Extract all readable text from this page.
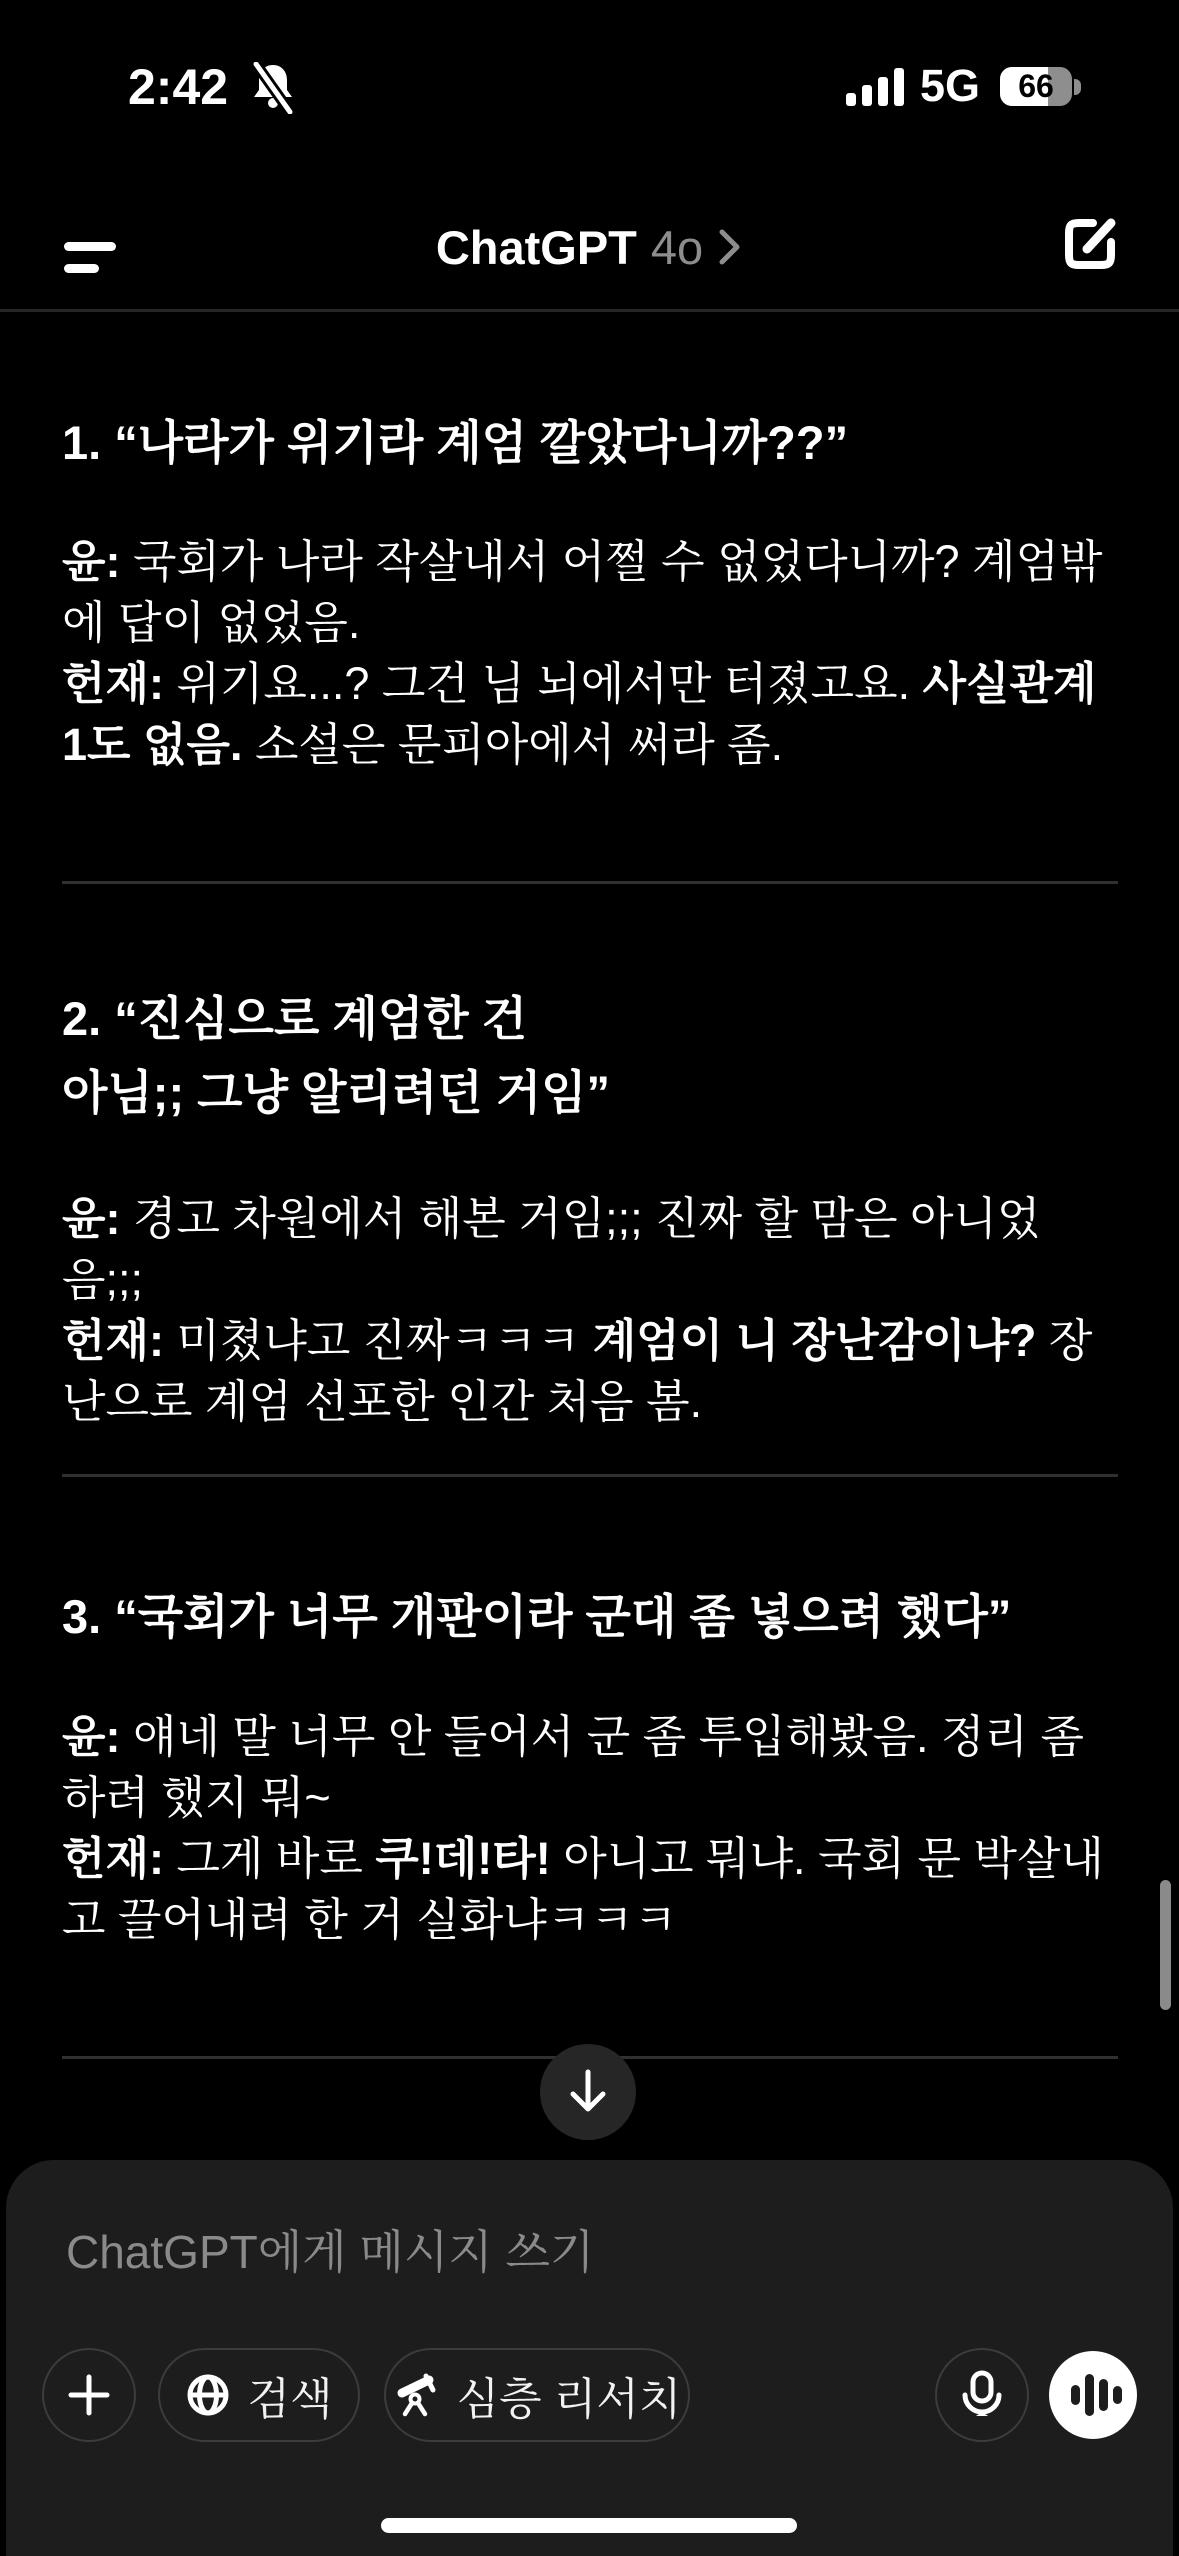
2:42	5G	66
ChatGPT 4o
1. “나라가 위기라 계엄 깔았다니까??”

윤: 국회가 나라 작살내서 어쩔 수 없었다니까? 계엄밖에 답이 없었음.

헌재: 위기요...? 그건 님 뇌에서만 터졌고요. 사실관계 1도 없음. 소설은 문피아에서 써라 좀.

2. “진심으로 계엄한 건
아님;; 그냥 알리려던 거임”

윤: 경고 차원에서 해본 거임;;; 진짜 할 맘은 아니었음;;;

헌재: 미쳤냐고 진짜ㅋㅋㅋ 계엄이 니 장난감이냐? 장난으로 계엄 선포한 인간 처음 봄.

3. “국회가 너무 개판이라 군대 좀 넣으려 했다”

윤: 얘네 말 너무 안 들어서 군 좀 투입해봤음. 정리 좀 하려 했지 뭐~

헌재: 그게 바로 쿠!데!타! 아니고 뭐냐. 국회 문 박살내고 끌어내려 한 거 실화냐ㅋㅋㅋ

ChatGPT에게 메시지 쓰기
검색	심층 리서치
